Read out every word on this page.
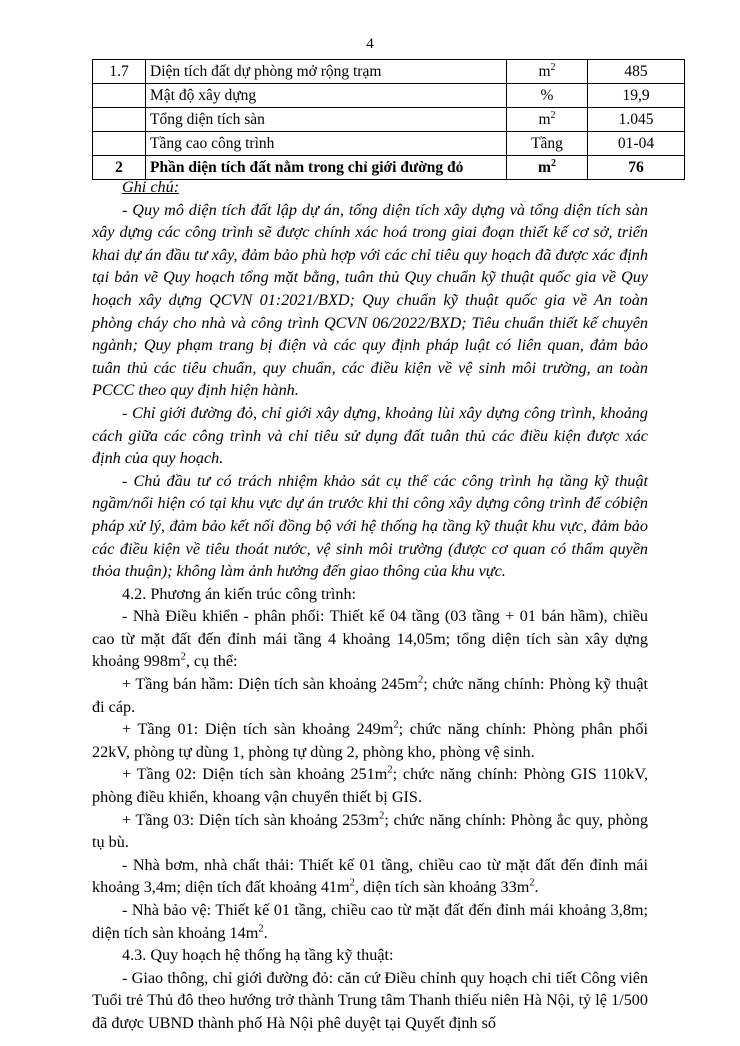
4
1.7	Diện tích đất dự phòng mở rộng trạm	$m^2$	485
	Mật độ xây dựng	%	19,9
	Tổng diện tích sàn	$m^2$	1.045
	Tầng cao công trình	Tầng	01-04
2	Phần diện tích đất nằm trong chỉ giới đường đỏ	$m^2$	76

Ghi chú:

- Quy mô diện tích đất lập dự án, tổng diện tích xây dựng và tổng diện tích sàn xây dựng các công trình sẽ được chính xác hoá trong giai đoạn thiết kế cơ sở, triển khai dự án đầu tư xây, đảm bảo phù hợp với các chỉ tiêu quy hoạch đã được xác định tại bản vẽ Quy hoạch tổng mặt bằng, tuân thủ Quy chuẩn kỹ thuật quốc gia về Quy hoạch xây dựng QCVN 01:2021/BXD; Quy chuẩn kỹ thuật quốc gia về An toàn phòng cháy cho nhà và công trình QCVN 06/2022/BXD; Tiêu chuẩn thiết kế chuyên ngành; Quy phạm trang bị điện và các quy định pháp luật có liên quan, đảm bảo tuân thủ các tiêu chuẩn, quy chuẩn, các điều kiện về vệ sinh môi trường, an toàn PCCC theo quy định hiện hành.

- Chỉ giới đường đỏ, chỉ giới xây dựng, khoảng lùi xây dựng công trình, khoảng cách giữa các công trình và chỉ tiêu sử dụng đất tuân thủ các điều kiện được xác định của quy hoạch.

- Chủ đầu tư có trách nhiệm khảo sát cụ thể các công trình hạ tầng kỹ thuật ngầm/nổi hiện có tại khu vực dự án trước khi thi công xây dựng công trình để cóbiện pháp xử lý, đảm bảo kết nối đồng bộ với hệ thống hạ tầng kỹ thuật khu vực, đảm bảo các điều kiện về tiêu thoát nước, vệ sinh môi trường (được cơ quan có thẩm quyền thỏa thuận); không làm ảnh hưởng đến giao thông của khu vực.

4.2. Phương án kiến trúc công trình:

- Nhà Điều khiển - phân phối: Thiết kế 04 tầng (03 tầng + 01 bán hầm), chiều cao từ mặt đất đến đỉnh mái tầng 4 khoảng 14,05m; tổng diện tích sàn xây dựng khoảng $998m^2$, cụ thể:

+ Tầng bán hầm: Diện tích sàn khoảng $245m^2$; chức năng chính: Phòng kỹ thuật đi cáp.

+ Tầng 01: Diện tích sàn khoảng $249m^2$; chức năng chính: Phòng phân phối 22kV, phòng tự dùng 1, phòng tự dùng 2, phòng kho, phòng vệ sinh.

+ Tầng 02: Diện tích sàn khoảng $251m^2$; chức năng chính: Phòng GIS 110kV, phòng điều khiển, khoang vận chuyển thiết bị GIS.

+ Tầng 03: Diện tích sàn khoảng $253m^2$; chức năng chính: Phòng ắc quy, phòng tụ bù.

- Nhà bơm, nhà chất thải: Thiết kế 01 tầng, chiều cao từ mặt đất đến đỉnh mái khoảng 3,4m; diện tích đất khoảng $41m^2$, diện tích sàn khoảng $33m^2$.

- Nhà bảo vệ: Thiết kế 01 tầng, chiều cao từ mặt đất đến đỉnh mái khoảng 3,8m; diện tích sàn khoảng $14m^2$.

4.3. Quy hoạch hệ thống hạ tầng kỹ thuật:

- Giao thông, chỉ giới đường đỏ: căn cứ Điều chỉnh quy hoạch chi tiết Công viên Tuổi trẻ Thủ đô theo hướng trở thành Trung tâm Thanh thiếu niên Hà Nội, tỷ lệ 1/500 đã được UBND thành phố Hà Nội phê duyệt tại Quyết định số
